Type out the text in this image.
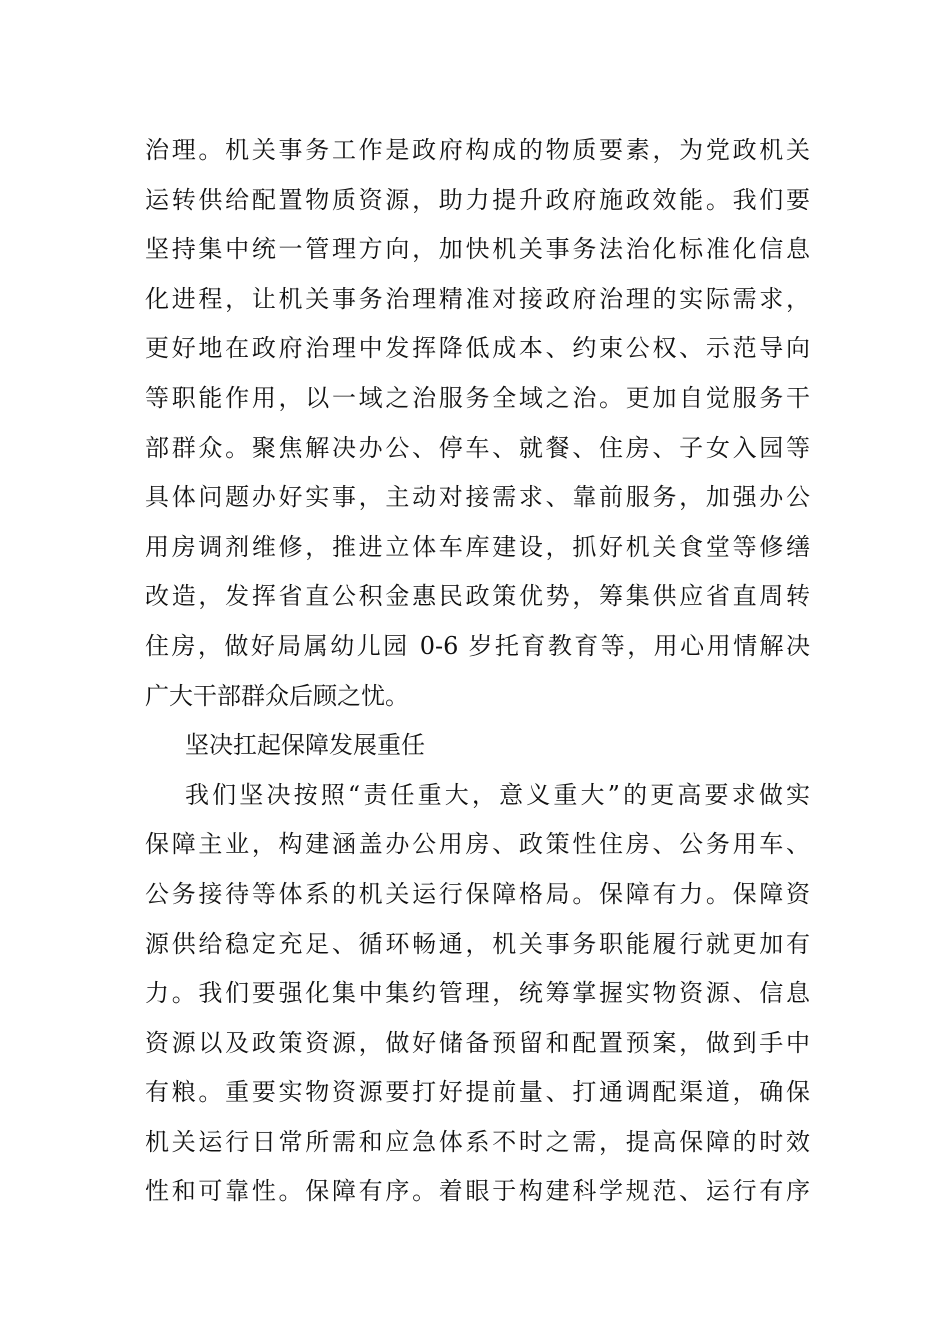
治理。机关事务工作是政府构成的物质要素，为党政机关
运转供给配置物质资源，助力提升政府施政效能。我们要
坚持集中统一管理方向，加快机关事务法治化标准化信息
化进程，让机关事务治理精准对接政府治理的实际需求，
更好地在政府治理中发挥降低成本、约束公权、示范导向
等职能作用，以一域之治服务全域之治。更加自觉服务干
部群众。聚焦解决办公、停车、就餐、住房、子女入园等
具体问题办好实事，主动对接需求、靠前服务，加强办公
用房调剂维修，推进立体车库建设，抓好机关食堂等修缮
改造，发挥省直公积金惠民政策优势，筹集供应省直周转
住房，做好局属幼儿园 0-6 岁托育教育等，用心用情解决
广大干部群众后顾之忧。
坚决扛起保障发展重任
我们坚决按照“责任重大，意义重大”的更高要求做实
保障主业，构建涵盖办公用房、政策性住房、公务用车、
公务接待等体系的机关运行保障格局。保障有力。保障资
源供给稳定充足、循环畅通，机关事务职能履行就更加有
力。我们要强化集中集约管理，统筹掌握实物资源、信息
资源以及政策资源，做好储备预留和配置预案，做到手中
有粮。重要实物资源要打好提前量、打通调配渠道，确保
机关运行日常所需和应急体系不时之需，提高保障的时效
性和可靠性。保障有序。着眼于构建科学规范、运行有序
